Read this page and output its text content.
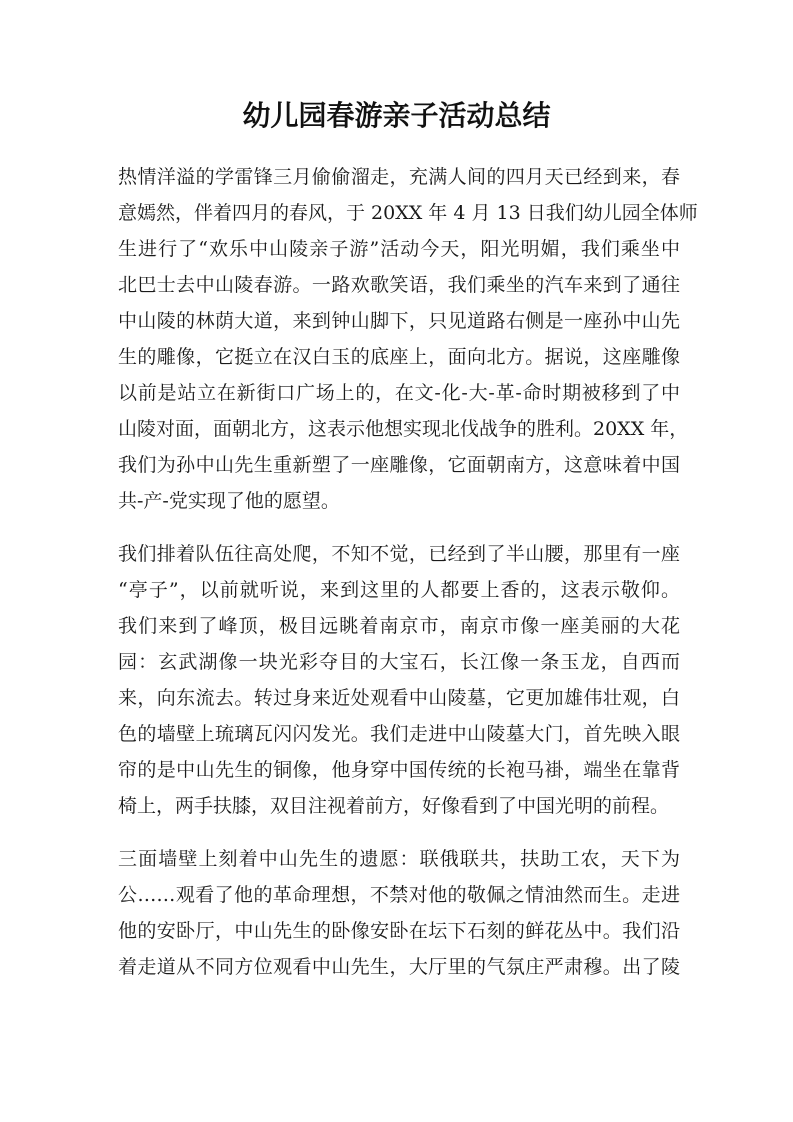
幼儿园春游亲子活动总结

热情洋溢的学雷锋三月偷偷溜走，充满人间的四月天已经到来，春
意嫣然，伴着四月的春风，于 20XX 年 4 月 13 日我们幼儿园全体师
生进行了“欢乐中山陵亲子游”活动今天，阳光明媚，我们乘坐中
北巴士去中山陵春游。一路欢歌笑语，我们乘坐的汽车来到了通往
中山陵的林荫大道，来到钟山脚下，只见道路右侧是一座孙中山先
生的雕像，它挺立在汉白玉的底座上，面向北方。据说，这座雕像
以前是站立在新街口广场上的，在文-化-大-革-命时期被移到了中
山陵对面，面朝北方，这表示他想实现北伐战争的胜利。20XX 年，
我们为孙中山先生重新塑了一座雕像，它面朝南方，这意味着中国
共-产-党实现了他的愿望。

我们排着队伍往高处爬，不知不觉，已经到了半山腰，那里有一座
“亭子”，以前就听说，来到这里的人都要上香的，这表示敬仰。
我们来到了峰顶，极目远眺着南京市，南京市像一座美丽的大花
园：玄武湖像一块光彩夺目的大宝石，长江像一条玉龙，自西而
来，向东流去。转过身来近处观看中山陵墓，它更加雄伟壮观，白
色的墙壁上琉璃瓦闪闪发光。我们走进中山陵墓大门，首先映入眼
帘的是中山先生的铜像，他身穿中国传统的长袍马褂，端坐在靠背
椅上，两手扶膝，双目注视着前方，好像看到了中国光明的前程。

三面墙壁上刻着中山先生的遗愿：联俄联共，扶助工农，天下为
公……观看了他的革命理想，不禁对他的敬佩之情油然而生。走进
他的安卧厅，中山先生的卧像安卧在坛下石刻的鲜花丛中。我们沿
着走道从不同方位观看中山先生，大厅里的气氛庄严肃穆。出了陵
